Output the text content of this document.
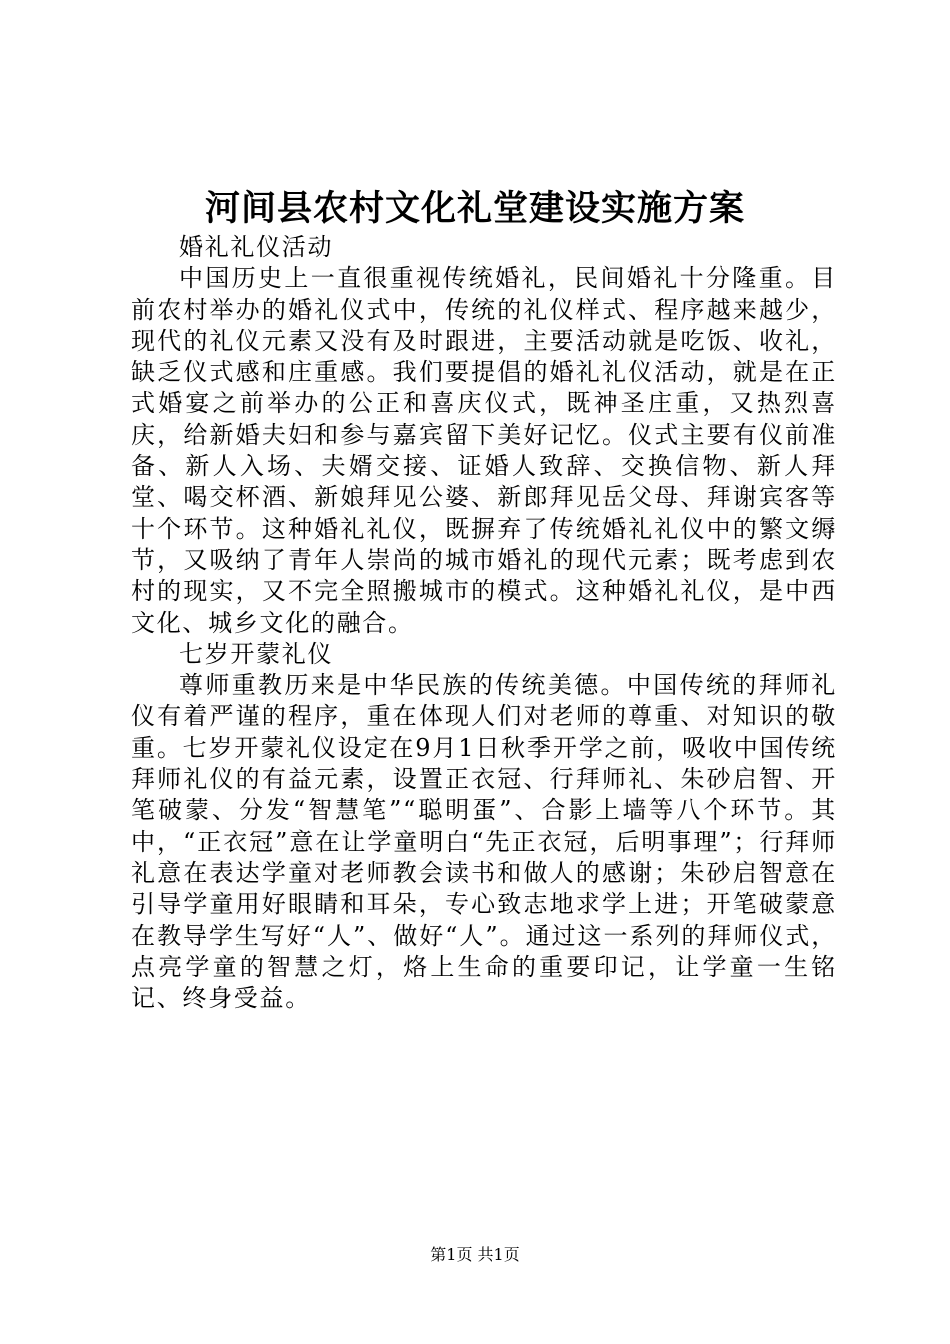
河间县农村文化礼堂建设实施方案

婚礼礼仪活动

中国历史上一直很重视传统婚礼，民间婚礼十分隆重。目前农村举办的婚礼仪式中，传统的礼仪样式、程序越来越少，现代的礼仪元素又没有及时跟进，主要活动就是吃饭、收礼，缺乏仪式感和庄重感。我们要提倡的婚礼礼仪活动，就是在正式婚宴之前举办的公正和喜庆仪式，既神圣庄重，又热烈喜庆，给新婚夫妇和参与嘉宾留下美好记忆。仪式主要有仪前准备、新人入场、夫婿交接、证婚人致辞、交换信物、新人拜堂、喝交杯酒、新娘拜见公婆、新郎拜见岳父母、拜谢宾客等十个环节。这种婚礼礼仪，既摒弃了传统婚礼礼仪中的繁文缛节，又吸纳了青年人崇尚的城市婚礼的现代元素；既考虑到农村的现实，又不完全照搬城市的模式。这种婚礼礼仪，是中西文化、城乡文化的融合。

七岁开蒙礼仪

尊师重教历来是中华民族的传统美德。中国传统的拜师礼仪有着严谨的程序，重在体现人们对老师的尊重、对知识的敬重。七岁开蒙礼仪设定在9月1日秋季开学之前，吸收中国传统拜师礼仪的有益元素，设置正衣冠、行拜师礼、朱砂启智、开笔破蒙、分发“智慧笔”“聪明蛋”、合影上墙等八个环节。其中，“正衣冠”意在让学童明白“先正衣冠，后明事理”；行拜师礼意在表达学童对老师教会读书和做人的感谢；朱砂启智意在引导学童用好眼睛和耳朵，专心致志地求学上进；开笔破蒙意在教导学生写好“人”、做好“人”。通过这一系列的拜师仪式，点亮学童的智慧之灯，烙上生命的重要印记，让学童一生铭记、终身受益。

第1页 共1页
